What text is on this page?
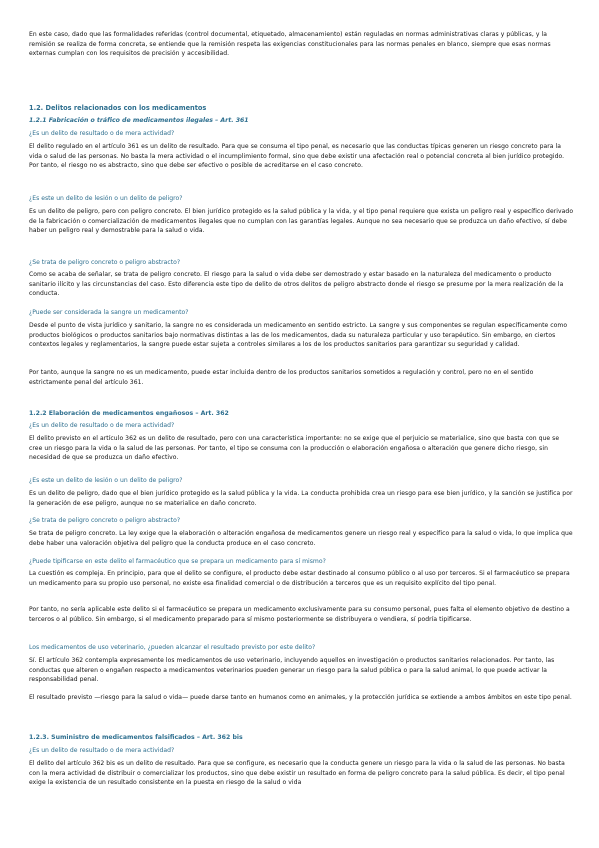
En este caso, dado que las formalidades referidas (control documental, etiquetado, almacenamiento) están reguladas en normas administrativas claras y públicas, y la remisión se realiza de forma concreta, se entiende que la remisión respeta las exigencias constitucionales para las normas penales en blanco, siempre que esas normas externas cumplan con los requisitos de precisión y accesibilidad.

1.2. Delitos relacionados con los medicamentos
1.2.1 Fabricación o tráfico de medicamentos ilegales – Art. 361

¿Es un delito de resultado o de mera actividad?

El delito regulado en el artículo 361 es un delito de resultado. Para que se consuma el tipo penal, es necesario que las conductas típicas generen un riesgo concreto para la vida o salud de las personas. No basta la mera actividad o el incumplimiento formal, sino que debe existir una afectación real o potencial concreta al bien jurídico protegido. Por tanto, el riesgo no es abstracto, sino que debe ser efectivo o posible de acreditarse en el caso concreto.

¿Es este un delito de lesión o un delito de peligro?

Es un delito de peligro, pero con peligro concreto. El bien jurídico protegido es la salud pública y la vida, y el tipo penal requiere que exista un peligro real y específico derivado de la fabricación o comercialización de medicamentos ilegales que no cumplan con las garantías legales. Aunque no sea necesario que se produzca un daño efectivo, sí debe haber un peligro real y demostrable para la salud o vida.

¿Se trata de peligro concreto o peligro abstracto?

Como se acaba de señalar, se trata de peligro concreto. El riesgo para la salud o vida debe ser demostrado y estar basado en la naturaleza del medicamento o producto sanitario ilícito y las circunstancias del caso. Esto diferencia este tipo de delito de otros delitos de peligro abstracto donde el riesgo se presume por la mera realización de la conducta.

¿Puede ser considerada la sangre un medicamento?

Desde el punto de vista jurídico y sanitario, la sangre no es considerada un medicamento en sentido estricto. La sangre y sus componentes se regulan específicamente como productos biológicos o productos sanitarios bajo normativas distintas a las de los medicamentos, dada su naturaleza particular y uso terapéutico. Sin embargo, en ciertos contextos legales y reglamentarios, la sangre puede estar sujeta a controles similares a los de los productos sanitarios para garantizar su seguridad y calidad.

Por tanto, aunque la sangre no es un medicamento, puede estar incluida dentro de los productos sanitarios sometidos a regulación y control, pero no en el sentido estrictamente penal del artículo 361.

1.2.2 Elaboración de medicamentos engañosos – Art. 362

¿Es un delito de resultado o de mera actividad?

El delito previsto en el artículo 362 es un delito de resultado, pero con una característica importante: no se exige que el perjuicio se materialice, sino que basta con que se cree un riesgo para la vida o la salud de las personas. Por tanto, el tipo se consuma con la producción o elaboración engañosa o alteración que genere dicho riesgo, sin necesidad de que se produzca un daño efectivo.

¿Es este un delito de lesión o un delito de peligro?

Es un delito de peligro, dado que el bien jurídico protegido es la salud pública y la vida. La conducta prohibida crea un riesgo para ese bien jurídico, y la sanción se justifica por la generación de ese peligro, aunque no se materialice en daño concreto.

¿Se trata de peligro concreto o peligro abstracto?

Se trata de peligro concreto. La ley exige que la elaboración o alteración engañosa de medicamentos genere un riesgo real y específico para la salud o vida, lo que implica que debe haber una valoración objetiva del peligro que la conducta produce en el caso concreto.

¿Puede tipificarse en este delito el farmacéutico que se prepara un medicamento para sí mismo?

La cuestión es compleja. En principio, para que el delito se configure, el producto debe estar destinado al consumo público o al uso por terceros. Si el farmacéutico se prepara un medicamento para su propio uso personal, no existe esa finalidad comercial o de distribución a terceros que es un requisito explícito del tipo penal.

Por tanto, no sería aplicable este delito si el farmacéutico se prepara un medicamento exclusivamente para su consumo personal, pues falta el elemento objetivo de destino a terceros o al público. Sin embargo, si el medicamento preparado para sí mismo posteriormente se distribuyera o vendiera, sí podría tipificarse.

Los medicamentos de uso veterinario, ¿pueden alcanzar el resultado previsto por este delito?

Sí. El artículo 362 contempla expresamente los medicamentos de uso veterinario, incluyendo aquellos en investigación o productos sanitarios relacionados. Por tanto, las conductas que alteren o engañen respecto a medicamentos veterinarios pueden generar un riesgo para la salud pública o para la salud animal, lo que puede activar la responsabilidad penal.

El resultado previsto —riesgo para la salud o vida— puede darse tanto en humanos como en animales, y la protección jurídica se extiende a ambos ámbitos en este tipo penal.

1.2.3. Suministro de medicamentos falsificados – Art. 362 bis

¿Es un delito de resultado o de mera actividad?

El delito del artículo 362 bis es un delito de resultado. Para que se configure, es necesario que la conducta genere un riesgo para la vida o la salud de las personas. No basta con la mera actividad de distribuir o comercializar los productos, sino que debe existir un resultado en forma de peligro concreto para la salud pública. Es decir, el tipo penal exige la existencia de un resultado consistente en la puesta en riesgo de la salud o vida
